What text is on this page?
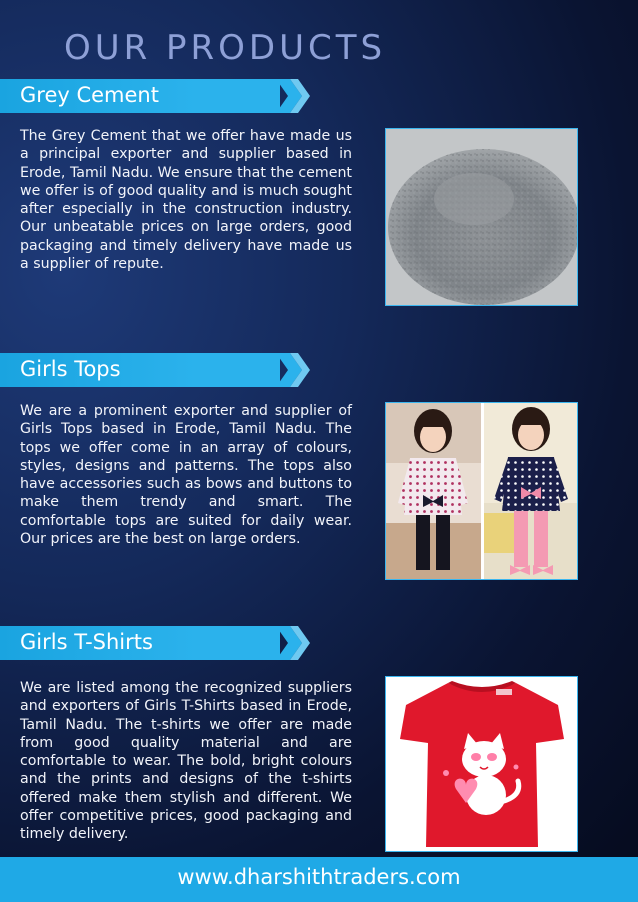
OUR PRODUCTS
Grey Cement
The Grey Cement that we offer have made us a principal exporter and supplier based in Erode, Tamil Nadu. We ensure that the cement we offer is of good quality and is much sought after especially in the construction industry. Our unbeatable prices on large orders, good packaging and timely delivery have made us a supplier of repute.
Girls Tops
We are a prominent exporter and supplier of Girls Tops based in Erode, Tamil Nadu. The tops we offer come in an array of colours, styles, designs and patterns. The tops also have accessories such as bows and buttons to make them trendy and smart. The comfortable tops are suited for daily wear. Our prices are the best on large orders.
Girls T-Shirts
We are listed among the recognized suppliers and exporters of Girls T-Shirts based in Erode, Tamil Nadu. The t-shirts we offer are made from good quality material and are comfortable to wear. The bold, bright colours and the prints and designs of the t-shirts offered make them stylish and different. We offer competitive prices, good packaging and timely delivery.
www.dharshithtraders.com
